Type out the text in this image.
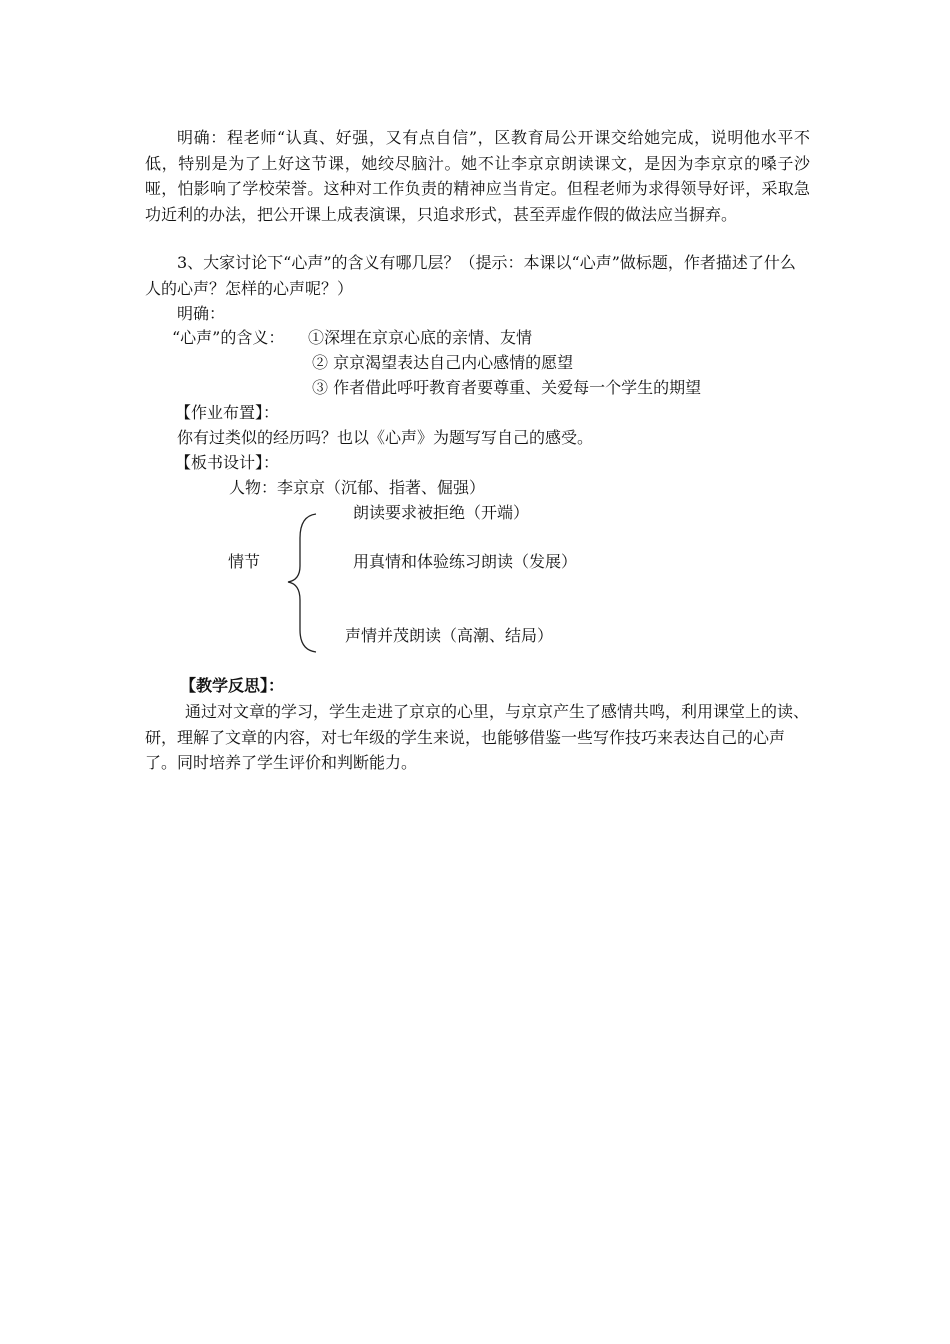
明确：程老师“认真、好强，又有点自信”，区教育局公开课交给她完成，说明他水平不低，特别是为了上好这节课，她绞尽脑汁。她不让李京京朗读课文，是因为李京京的嗓子沙哑，怕影响了学校荣誉。这种对工作负责的精神应当肯定。但程老师为求得领导好评，采取急功近利的办法，把公开课上成表演课，只追求形式，甚至弄虚作假的做法应当摒弃。
3、大家讨论下“心声”的含义有哪几层？（提示：本课以“心声”做标题，作者描述了什么人的心声？怎样的心声呢？）
明确：
“心声”的含义： ①深埋在京京心底的亲情、友情
② 京京渴望表达自己内心感情的愿望
③ 作者借此呼吁教育者要尊重、关爱每一个学生的期望
【作业布置】：
你有过类似的经历吗？也以《心声》为题写写自己的感受。
【板书设计】：
人物：李京京（沉郁、指著、倔强）
朗读要求被拒绝（开端）
情节	用真情和体验练习朗读（发展）
声情并茂朗读（高潮、结局）
【教学反思】：
通过对文章的学习，学生走进了京京的心里，与京京产生了感情共鸣，利用课堂上的读、研，理解了文章的内容，对七年级的学生来说，也能够借鉴一些写作技巧来表达自己的心声了。同时培养了学生评价和判断能力。
